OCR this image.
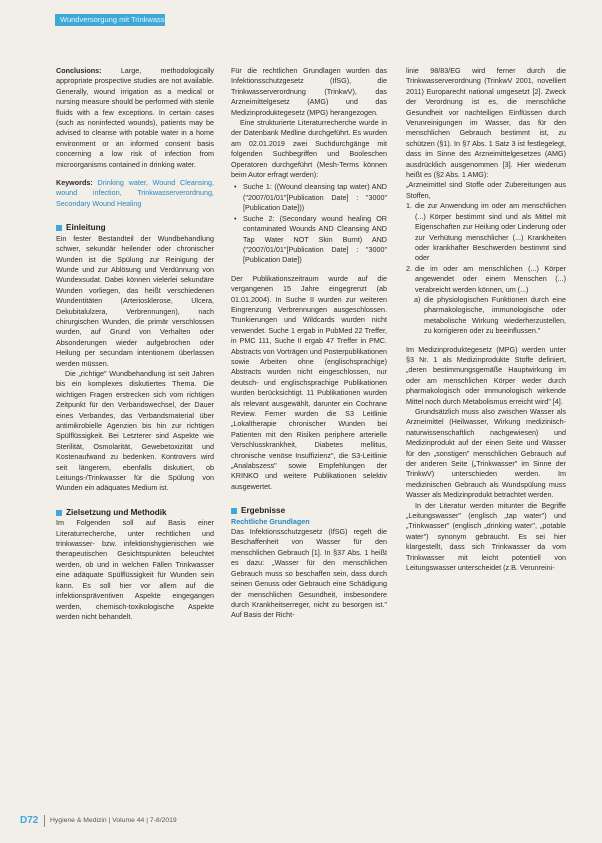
Wundversorgung mit Trinkwasser

Conclusions:	Large, methodologically appropriate prospective studies are not available. Generally, wound irrigation as a medical or nursing measure should be performed with sterile fluids with a few exceptions. In certain cases (such as noninfected wounds), patients may be advised to cleanse with potable water in a home environment or an informed consent basis concerning a low risk of infection from microorganisms contained in drinking water.

Keywords: Drinking water, Wound Cleansing, wound infection, Trinkwasserverordnung, Secondary Wound Healing

Einleitung

Ein fester Bestandteil der Wundbehandlung schwer, sekundär heilender oder chronischer Wunden ist die Spülung zur Reinigung der Wunde und zur Ablösung und Verdünnung von Wundexsudat. Dabei können vielerlei sekundäre Wunden vorliegen, das heißt verschiedenen Wundentitäten (Arteriosklerose, Ulcera, Dekubitalulzera, Verbrennungen), nach chirurgischen Wunden, die primär verschlossen wurden, auf Grund von Verhalten oder Absonderungen wieder aufgebrochen oder Heilung per secundam intentionem überlassen werden müssen.

Die „richtige" Wundbehandlung ist seit Jahren bis ein komplexes diskutiertes Thema. Die wichtigen Fragen erstrecken sich vom richtigen Zeitpunkt für den Verbandswechsel, der Dauer eines Verbandes, das Verbandsmaterial über antimikrobielle Agenzien bis hin zur richtigen Spülflüssigkeit. Bei Letzterer sind Aspekte wie Sterilität, Osmolarität, Gewebetoxizität und Kostenaufwand zu bedenken. Kontrovers wird seit längerem, ebenfalls diskutiert, ob Leitungs-/Trinkwasser für die Spülung von Wunden ein adäquates Medium ist.

Zielsetzung und Methodik

Im Folgenden soll auf Basis einer Literaturrecherche, unter rechtlichen und trinkwasser- bzw. infektionshygienischen wie therapeutischen Gesichtspunkten beleuchtet werden, ob und in welchen Fällen Trinkwasser eine adäquate Spülflüssigkeit für Wunden sein kann. Es soll hier vor allem auf die infektionspräventiven Aspekte eingegangen werden, chemisch-toxikologische Aspekte werden nicht behandelt.

Für die rechtlichen Grundlagen wurden das Infektionsschutzgesetz (IfSG), die Trinkwasserverordnung (TrinkwV), das Arzneimittelgesetz (AMG) und das Medizinproduktegesetz (MPG) herangezogen.

Eine strukturierte Literaturrecherche wurde in der Datenbank Medline durchgeführt. Es wurden am 02.01.2019 zwei Suchdurchgänge mit folgenden Suchbegriffen und Booleschen Operatoren durchgeführt (Mesh-Terms können beim Autor erfragt werden):

• Suche 1: ((Wound cleansing tap water) AND ("2007/01/01"[Publication Date] : "3000"[Publication Date]))
• Suche 2: (Secondary wound healing OR contaminated Wounds AND Cleansing AND Tap Water NOT Skin Burnt) AND ("2007/01/01"[Publication Date] : "3000"[Publication Date])

Der Publikationszeitraum wurde auf die vergangenen 15 Jahre eingegrenzt (ab 01.01.2004). In Suche II wurden zur weiteren Eingrenzung Verbrennungen ausgeschlossen. Trunkierungen und Wildcards wurden nicht verwendet. Suche 1 ergab in PubMed 22 Treffer, in PMC 111, Suche II ergab 47 Treffer in PMC. Abstracts von Vorträgen und Posterpublikationen sowie Arbeiten ohne (englischsprachige) Abstracts wurden nicht eingeschlossen, nur deutsch- und englischsprachige Publikationen wurden berücksichtigt. 11 Publikationen wurden als relevant ausgewählt, darunter ein Cochrane Review. Ferner wurden die S3 Leitlinie „Lokaltherapie chronischer Wunden bei Patienten mit den Risiken periphere arterielle Verschlusskrankheit, Diabetes mellitus, chronische venöse Insuffizienz", die S3-Leitlinie „Analabszess" sowie Empfehlungen der KRINKO und weitere Publikationen selektiv ausgewertet.

Ergebnisse
Rechtliche Grundlagen

Das Infektionsschutzgesetz (IfSG) regelt die Beschaffenheit von Wasser für den menschlichen Gebrauch [1]. In §37 Abs. 1 heißt es dazu: „Wasser für den menschlichen Gebrauch muss so beschaffen sein, dass durch seinen Genuss oder Gebrauch eine Schädigung der menschlichen Gesundheit, insbesondere durch Krankheitserreger, nicht zu besorgen ist." Auf Basis der Richt-

linie 98/83/EG wird ferner durch die Trinkwasserverordnung (TrinkwV 2001, novelliert 2011) Europarecht national umgesetzt [2]. Zweck der Verordnung ist es, die menschliche Gesundheit vor nachteiligen Einflüssen durch Verunreinigungen im Wasser, das für den menschlichen Gebrauch bestimmt ist, zu schützen (§1). In §7 Abs. 1 Satz 3 ist festlegelegt, dass im Sinne des Arzneimittelgesetzes (AMG) ausdrücklich ausgenommen [3]. Hier wiederum heißt es (§2 Abs. 1 AMG):

„Arzneimittel sind Stoffe oder Zubereitungen aus Stoffen,

1. die zur Anwendung im oder am menschlichen (...) Körper bestimmt sind und als Mittel mit Eigenschaften zur Heilung oder Linderung oder zur Verhütung menschlicher (...) Krankheiten oder krankhafter Beschwerden bestimmt sind oder
2. die im oder am menschlichen (...) Körper angewendet oder einem Menschen (...) verabreicht werden können, um (...)
a) die physiologischen Funktionen durch eine pharmakologische, immunologische oder metabolische Wirkung wiederherzustellen, zu korrigieren oder zu beeinflussen."

Im Medizinproduktegesetz (MPG) werden unter §3 Nr. 1 als Medizinprodukte Stoffe definiert, „deren bestimmungsgemäße Hauptwirkung im oder am menschlichen Körper weder durch pharmakologisch oder immunologisch wirkende Mittel noch durch Metabolismus erreicht wird" [4].

Grundsätzlich muss also zwischen Wasser als Arzneimittel (Heilwasser, Wirkung medizinisch-naturwissenschaftlich nachgewiesen) und Medizinprodukt auf der einen Seite und Wasser für den „sonstigen" menschlichen Gebrauch auf der anderen Seite („Trinkwasser" im Sinne der TrinkwV) unterschieden werden. Im medizinischen Gebrauch als Wundspülung muss Wasser als Medizinprodukt betrachtet werden.

In der Literatur werden mitunter die Begriffe „Leitungswasser" (englisch „tap water") und „Trinkwasser" (englisch „drinking water", „potable water") synonym gebraucht. Es sei hier klargestellt, dass sich Trinkwasser da vom Trinkwasser mit leicht potentiell von Leitungswasser unterscheidet (z.B. Verunreini-

D72 Hygiene & Medizin | Volume 44 | 7-8/2019
